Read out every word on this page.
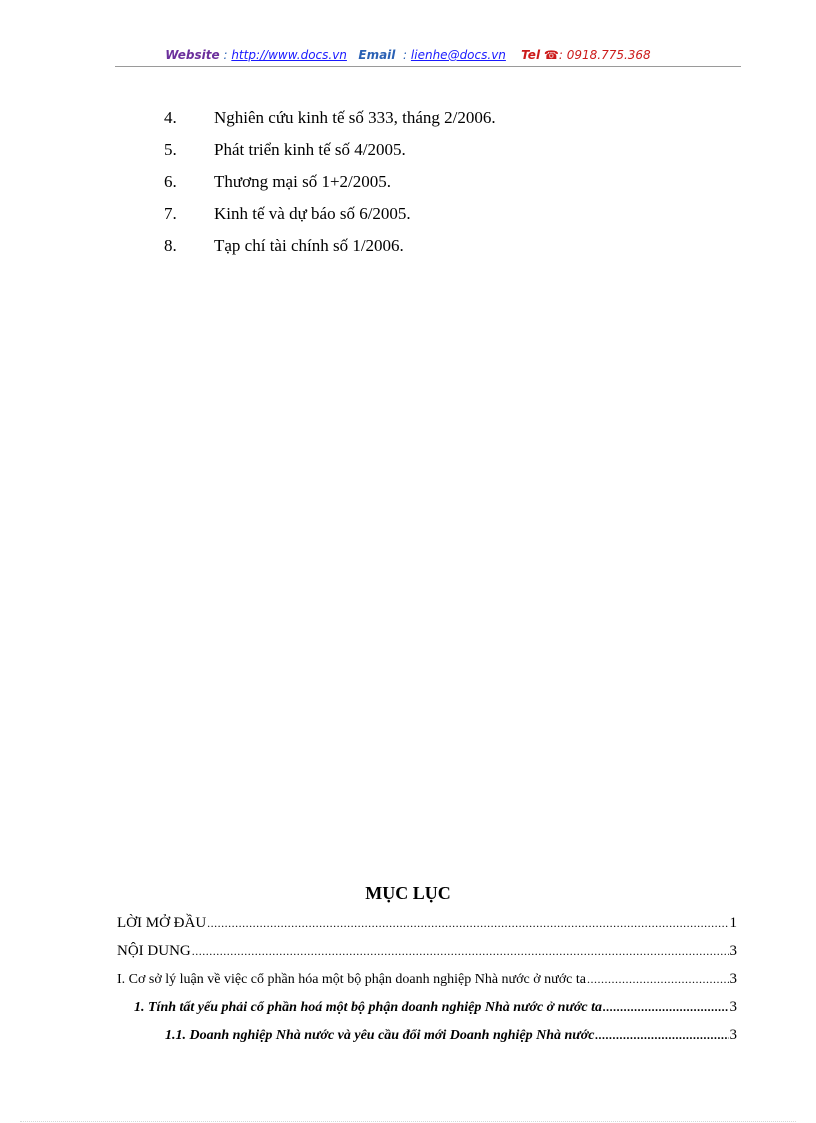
Website : http://www.docs.vn Email : lienhe@docs.vn Tel ☎: 0918.775.368
4. Nghiên cứu kinh tế số 333, tháng 2/2006.
5. Phát triển kinh tế số 4/2005.
6. Thương mại số 1+2/2005.
7. Kinh tế và dự báo số 6/2005.
8. Tạp chí tài chính số 1/2006.
MỤC LỤC
LỜI MỞ ĐẦU .....	1
NỘI DUNG .....	3
I. Cơ sở lý luận về việc cổ phần hóa một bộ phận doanh nghiệp Nhà nước ở nước ta .....	3
1. Tính tất yếu phải cổ phần hoá một bộ phận doanh nghiệp Nhà nước ở nước ta .....	3
1.1. Doanh nghiệp Nhà nước và yêu cầu đổi mới Doanh nghiệp Nhà nước .....	3
